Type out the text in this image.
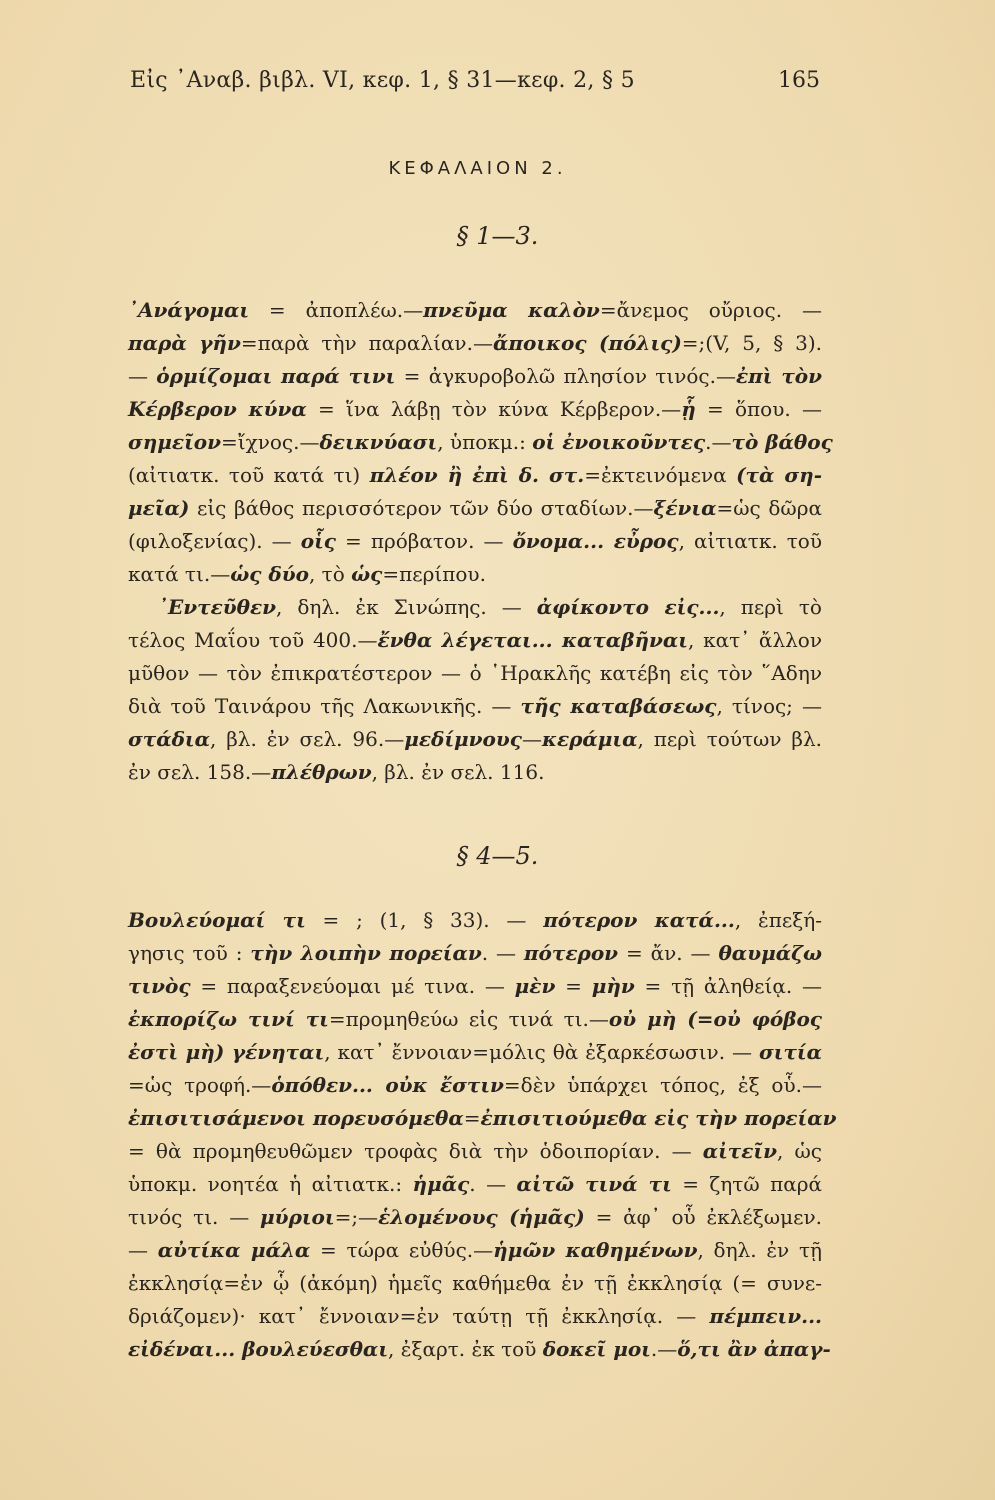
Εἰς ᾿Αναβ. βιβλ. VI, κεφ. 1, § 31—κεφ. 2, § 5	165
ΚΕΦΑΛΑΙΟΝ 2.
§ 1—3.
᾿Ανάγομαι = ἀποπλέω.—πνεῦμα καλὸν=ἄνεμος οὔριος. —
παρὰ γῆν=παρὰ τὴν παραλίαν.—ἄποικος (πόλις)=;(V, 5, § 3).
— ὁρμίζομαι παρά τινι = ἀγκυροβολῶ πλησίον τινός.—ἐπὶ τὸν
Κέρβερον κύνα = ἵνα λάβῃ τὸν κύνα Κέρβερον.—ᾗ = ὅπου. —
σημεῖον=ἴχνος.—δεικνύασι, ὑποκμ.: οἱ ἐνοικοῦντες.—τὸ βάθος
(αἰτιατκ. τοῦ κατά τι) πλέον ἢ ἐπὶ δ. στ.=ἐκτεινόμενα (τὰ ση-
μεῖα) εἰς βάθος περισσότερον τῶν δύο σταδίων.—ξένια=ὡς δῶρα
(φιλοξενίας). — οἷς = πρόβατον. — ὄνομα... εὖρος, αἰτιατκ. τοῦ
κατά τι.—ὡς δύο, τὸ ὡς=περίπου.
᾿Εντεῦθεν, δηλ. ἐκ Σινώπης. — ἀφίκοντο εἰς..., περὶ τὸ
τέλος Μαΐου τοῦ 400.—ἔνθα λέγεται... καταβῆναι, κατ᾿ ἄλλον
μῦθον — τὸν ἐπικρατέστερον — ὁ ῾Ηρακλῆς κατέβη εἰς τὸν ῞Αδην
διὰ τοῦ Ταινάρου τῆς Λακωνικῆς. — τῆς καταβάσεως, τίνος; —
στάδια, βλ. ἐν σελ. 96.—μεδίμνους—κεράμια, περὶ τούτων βλ.
ἐν σελ. 158.—πλέθρων, βλ. ἐν σελ. 116.
§ 4—5.
Βουλεύομαί τι = ; (1, § 33). — πότερον κατά..., ἐπεξή-
γησις τοῦ : τὴν λοιπὴν πορείαν. — πότερον = ἄν. — θαυμάζω
τινὸς = παραξενεύομαι μέ τινα. — μὲν = μὴν = τῇ ἀληθείᾳ. —
ἐκπορίζω τινί τι=προμηθεύω εἰς τινά τι.—οὐ μὴ (=οὐ φόβος
ἐστὶ μὴ) γένηται, κατ᾿ ἔννοιαν=μόλις θὰ ἐξαρκέσωσιν. — σιτία
=ὡς τροφή.—ὁπόθεν... οὐκ ἔστιν=δὲν ὑπάρχει τόπος, ἐξ οὗ.—
ἐπισιτισάμενοι πορευσόμεθα=ἐπισιτιούμεθα εἰς τὴν πορείαν
= θὰ προμηθευθῶμεν τροφὰς διὰ τὴν ὁδοιπορίαν. — αἰτεῖν, ὡς
ὑποκμ. νοητέα ἡ αἰτιατκ.: ἡμᾶς. — αἰτῶ τινά τι = ζητῶ παρά
τινός τι. — μύριοι=;—ἑλομένους (ἡμᾶς) = ἀφ᾿ οὗ ἐκλέξωμεν.
— αὐτίκα μάλα = τώρα εὐθύς.—ἡμῶν καθημένων, δηλ. ἐν τῇ
ἐκκλησίᾳ=ἐν ᾧ (ἀκόμη) ἡμεῖς καθήμεθα ἐν τῇ ἐκκλησίᾳ (= συνε-
δριάζομεν)· κατ᾿ ἔννοιαν=ἐν ταύτῃ τῇ ἐκκλησίᾳ. — πέμπειν...
εἰδέναι... βουλεύεσθαι, ἐξαρτ. ἐκ τοῦ δοκεῖ μοι.—ὅ,τι ἂν ἀπαγ-
